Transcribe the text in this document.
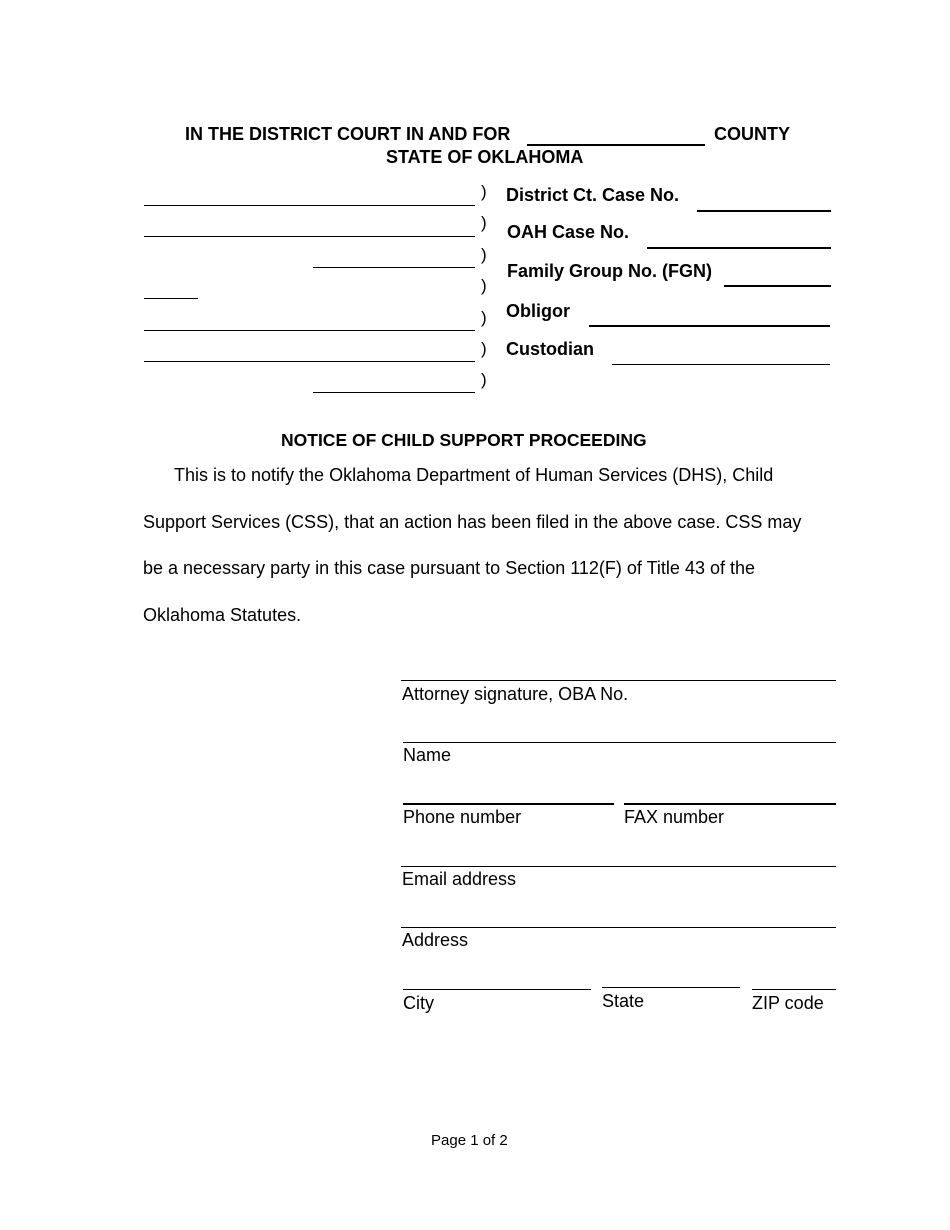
IN THE DISTRICT COURT IN AND FOR	COUNTY
STATE OF OKLAHOMA
)
)
)
)
)
)
)
District Ct. Case No.
OAH Case No.
Family Group No. (FGN)
Obligor
Custodian
NOTICE OF CHILD SUPPORT PROCEEDING
This is to notify the Oklahoma Department of Human Services (DHS), Child
Support Services (CSS), that an action has been filed in the above case. CSS may
be a necessary party in this case pursuant to Section 112(F) of Title 43 of the
Oklahoma Statutes.
Attorney signature, OBA No.
Name
Phone number	FAX number
Email address
Address
City	State	ZIP code
Page 1 of 2
